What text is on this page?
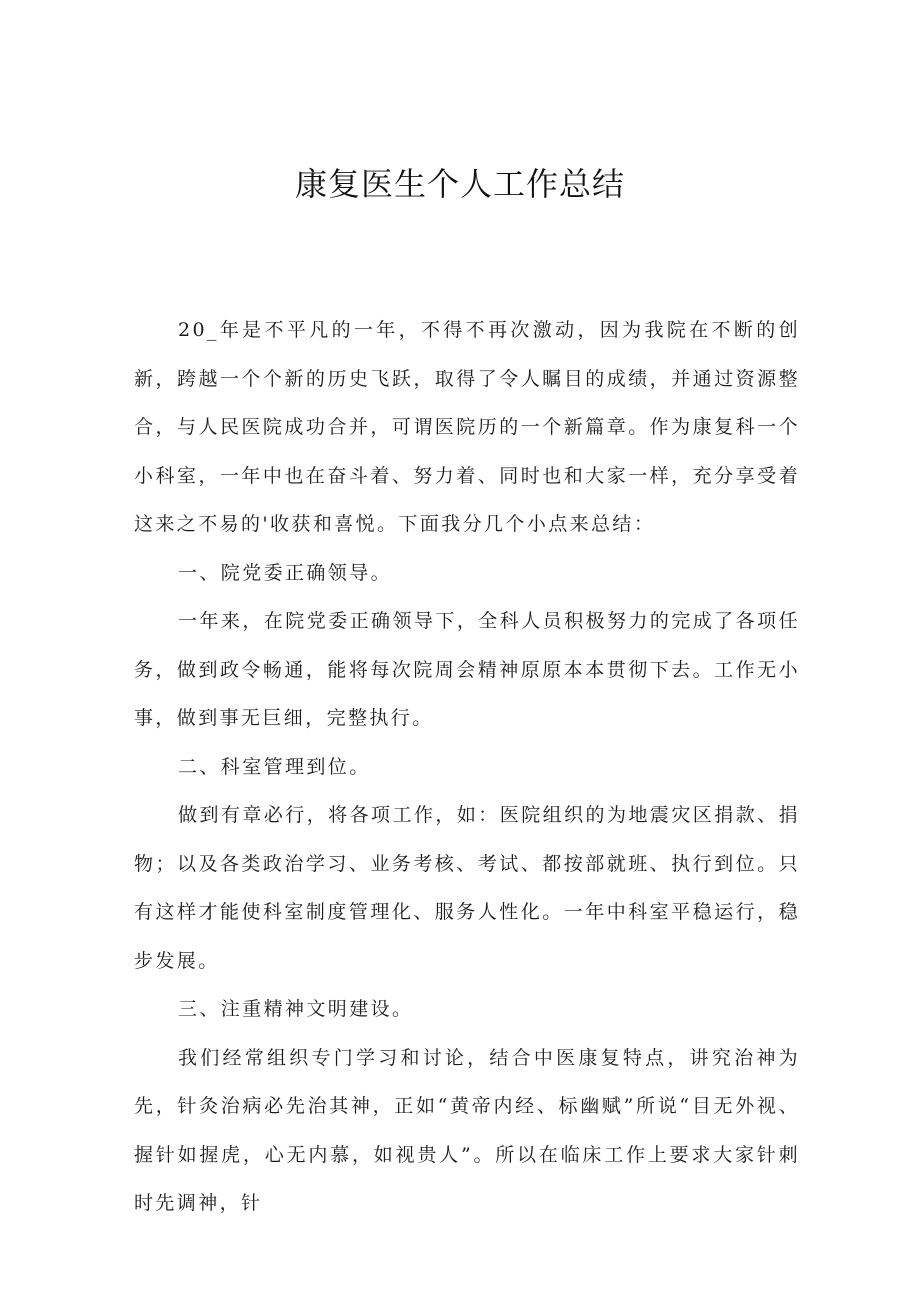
康复医生个人工作总结

20_年是不平凡的一年，不得不再次激动，因为我院在不断的创新，跨越一个个新的历史飞跃，取得了令人瞩目的成绩，并通过资源整合，与人民医院成功合并，可谓医院历的一个新篇章。作为康复科一个小科室，一年中也在奋斗着、努力着、同时也和大家一样，充分享受着这来之不易的'收获和喜悦。下面我分几个小点来总结：

一、院党委正确领导。

一年来，在院党委正确领导下，全科人员积极努力的完成了各项任务，做到政令畅通，能将每次院周会精神原原本本贯彻下去。工作无小事，做到事无巨细，完整执行。

二、科室管理到位。

做到有章必行，将各项工作，如：医院组织的为地震灾区捐款、捐物；以及各类政治学习、业务考核、考试、都按部就班、执行到位。只有这样才能使科室制度管理化、服务人性化。一年中科室平稳运行，稳步发展。

三、注重精神文明建设。

我们经常组织专门学习和讨论，结合中医康复特点，讲究治神为先，针灸治病必先治其神，正如“黄帝内经、标幽赋”所说“目无外视、握针如握虎，心无内慕，如视贵人”。所以在临床工作上要求大家针刺时先调神，针
